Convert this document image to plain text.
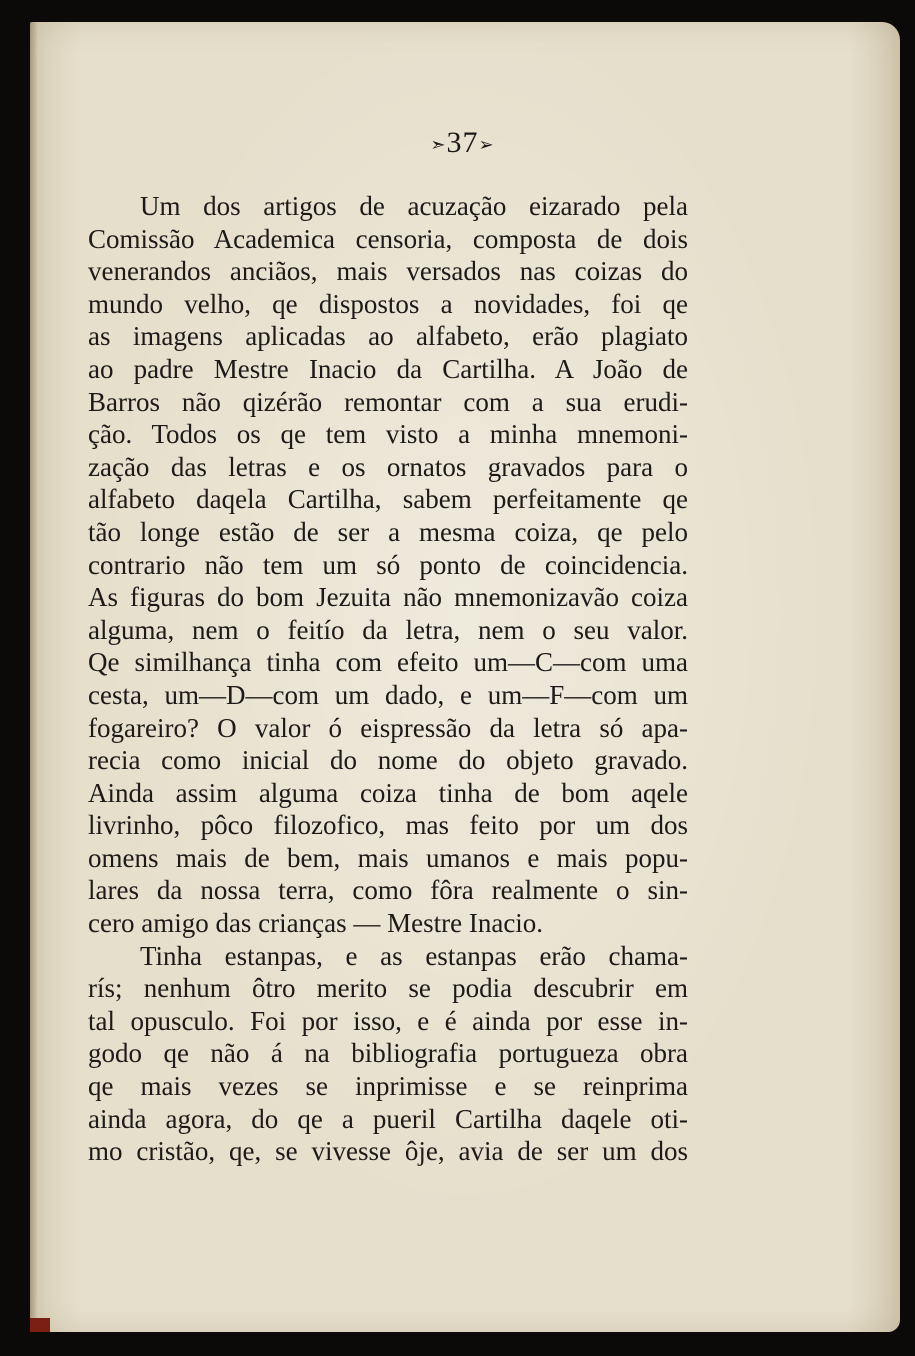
➣37➢
Um dos artigos de acuzação eizarado pela
Comissão Academica censoria, composta de dois
venerandos anciãos, mais versados nas coizas do
mundo velho, qe dispostos a novidades, foi qe
as imagens aplicadas ao alfabeto, erão plagiato
ao padre Mestre Inacio da Cartilha. A João de
Barros não qizérão remontar com a sua erudi-
ção. Todos os qe tem visto a minha mnemoni-
zação das letras e os ornatos gravados para o
alfabeto daqela Cartilha, sabem perfeitamente qe
tão longe estão de ser a mesma coiza, qe pelo
contrario não tem um só ponto de coincidencia.
As figuras do bom Jezuita não mnemonizavão coiza
alguma, nem o feitío da letra, nem o seu valor.
Qe similhança tinha com efeito um—C—com uma
cesta, um—D—com um dado, e um—F—com um
fogareiro? O valor ó eispressão da letra só apa-
recia como inicial do nome do objeto gravado.
Ainda assim alguma coiza tinha de bom aqele
livrinho, pôco filozofico, mas feito por um dos
omens mais de bem, mais umanos e mais popu-
lares da nossa terra, como fôra realmente o sin-
cero amigo das crianças — Mestre Inacio.
Tinha estanpas, e as estanpas erão chama-
rís; nenhum ôtro merito se podia descubrir em
tal opusculo. Foi por isso, e é ainda por esse in-
godo qe não á na bibliografia portugueza obra
qe mais vezes se inprimisse e se reinprima
ainda agora, do qe a pueril Cartilha daqele oti-
mo cristão, qe, se vivesse ôje, avia de ser um dos
